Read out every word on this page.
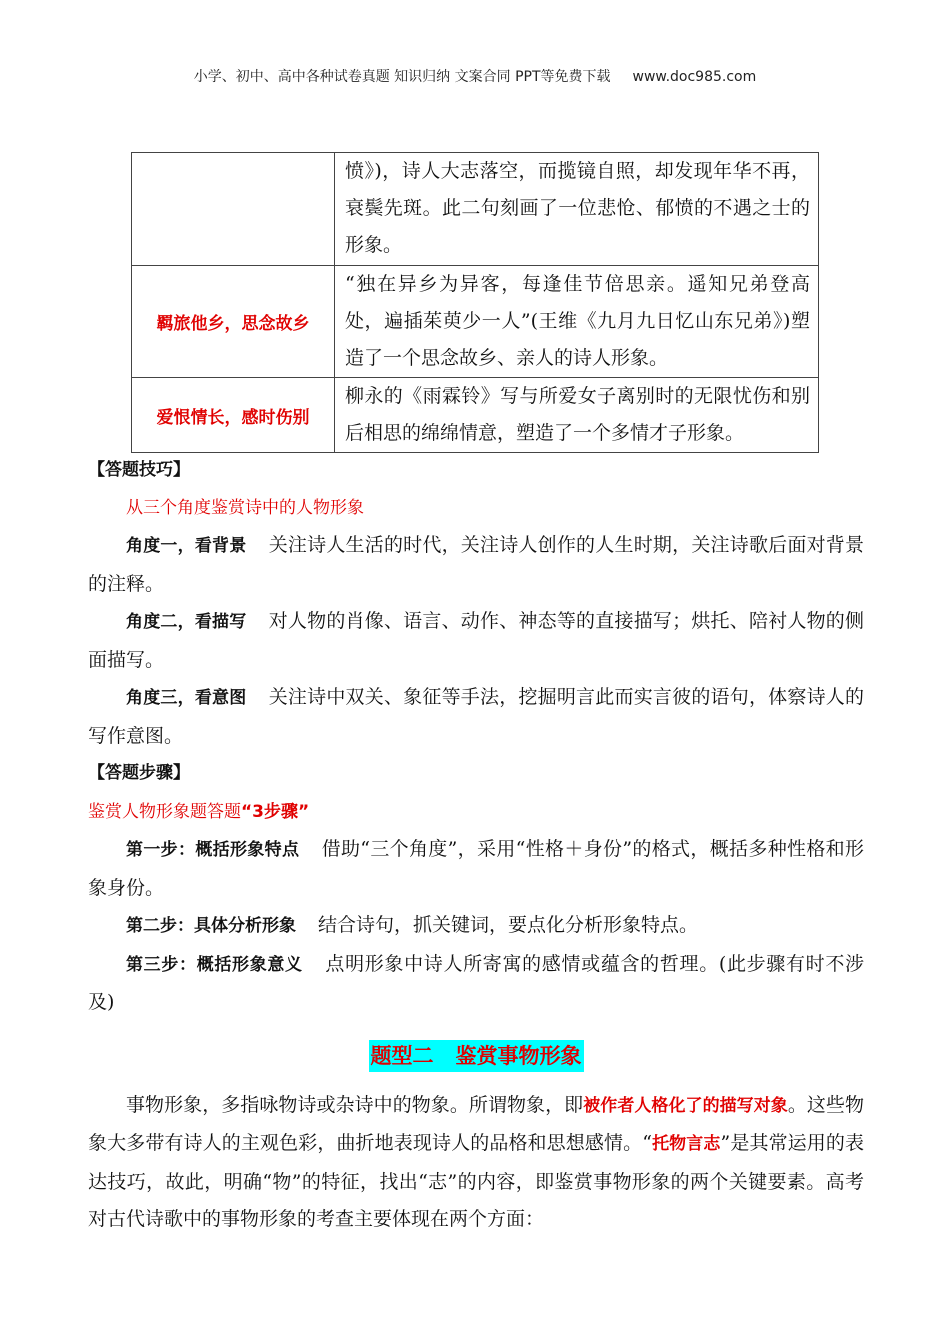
小学、初中、高中各种试卷真题 知识归纳 文案合同 PPT等免费下载 www.doc985.com
	愤》)，诗人大志落空，而揽镜自照，却发现年华不再，衰鬓先斑。此二句刻画了一位悲怆、郁愤的不遇之士的形象。
羁旅他乡，思念故乡	“独在异乡为异客，每逢佳节倍思亲。遥知兄弟登高处，遍插茱萸少一人”(王维《九月九日忆山东兄弟》)塑造了一个思念故乡、亲人的诗人形象。
爱恨情长，感时伤别	柳永的《雨霖铃》写与所爱女子离别时的无限忧伤和别后相思的绵绵情意，塑造了一个多情才子形象。

【答题技巧】

从三个角度鉴赏诗中的人物形象

角度一，看背景 关注诗人生活的时代，关注诗人创作的人生时期，关注诗歌后面对背景的注释。

角度二，看描写 对人物的肖像、语言、动作、神态等的直接描写；烘托、陪衬人物的侧面描写。

角度三，看意图 关注诗中双关、象征等手法，挖掘明言此而实言彼的语句，体察诗人的写作意图。

【答题步骤】

鉴赏人物形象题答题“3步骤”

第一步：概括形象特点 借助“三个角度”，采用“性格＋身份”的格式，概括多种性格和形象身份。

第二步：具体分析形象 结合诗句，抓关键词，要点化分析形象特点。

第三步：概括形象意义 点明形象中诗人所寄寓的感情或蕴含的哲理。(此步骤有时不涉及)

题型二 鉴赏事物形象

事物形象，多指咏物诗或杂诗中的物象。所谓物象，即被作者人格化了的描写对象。这些物象大多带有诗人的主观色彩，曲折地表现诗人的品格和思想感情。“托物言志”是其常运用的表达技巧，故此，明确“物”的特征，找出“志”的内容，即鉴赏事物形象的两个关键要素。高考对古代诗歌中的事物形象的考查主要体现在两个方面：
